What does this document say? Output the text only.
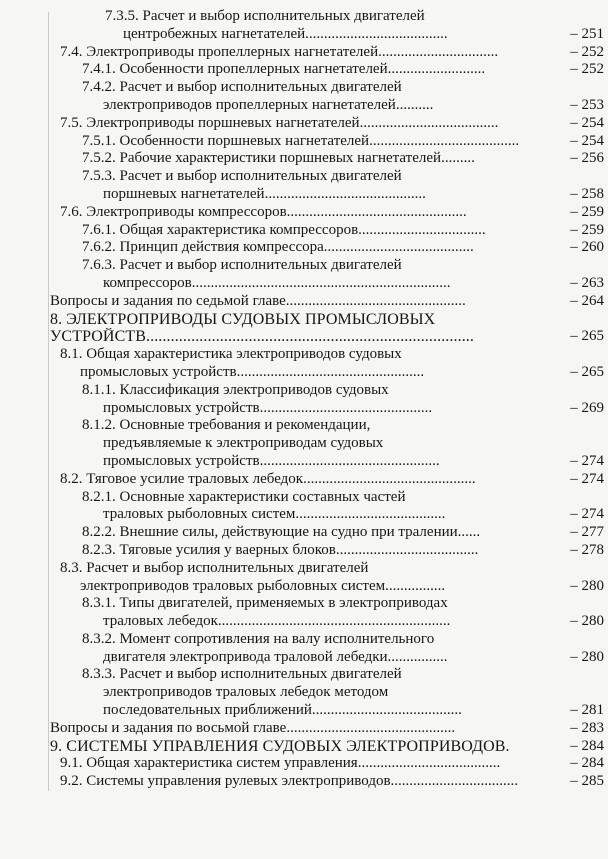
7.3.5. Расчет и выбор исполнительных двигателей
центробежных нагнетателей......................................	– 251
7.4. Электроприводы пропеллерных нагнетателей................................	– 252
7.4.1. Особенности пропеллерных нагнетателей..........................	– 252
7.4.2. Расчет и выбор исполнительных двигателей
электроприводов пропеллерных нагнетателей..........	– 253
7.5. Электроприводы поршневых нагнетателей.....................................	– 254
7.5.1. Особенности поршневых нагнетателей........................................	– 254
7.5.2. Рабочие характеристики поршневых нагнетателей.........	– 256
7.5.3. Расчет и выбор исполнительных двигателей
поршневых нагнетателей...........................................	– 258
7.6. Электроприводы компрессоров................................................	– 259
7.6.1. Общая характеристика компрессоров..................................	– 259
7.6.2. Принцип действия компрессора........................................	– 260
7.6.3. Расчет и выбор исполнительных двигателей
компрессоров.....................................................................	– 263
Вопросы и задания по седьмой главе................................................	– 264
8. ЭЛЕКТРОПРИВОДЫ СУДОВЫХ ПРОМЫСЛОВЫХ
УСТРОЙСТВ................................................................................	– 265
8.1. Общая характеристика электроприводов судовых
промысловых устройств..................................................	– 265
8.1.1. Классификация электроприводов судовых
промысловых устройств..............................................	– 269
8.1.2. Основные требования и рекомендации,
предъявляемые к электроприводам судовых
промысловых устройств................................................	– 274
8.2. Тяговое усилие траловых лебедок..............................................	– 274
8.2.1. Основные характеристики составных частей
траловых рыболовных систем........................................	– 274
8.2.2. Внешние силы, действующие на судно при тралении......	– 277
8.2.3. Тяговые усилия у ваерных блоков......................................	– 278
8.3. Расчет и выбор исполнительных двигателей
электроприводов траловых рыболовных систем................	– 280
8.3.1. Типы двигателей, применяемых в электроприводах
траловых лебедок..............................................................	– 280
8.3.2. Момент сопротивления на валу исполнительного
двигателя электропривода траловой лебедки................	– 280
8.3.3. Расчет и выбор исполнительных двигателей
электроприводов траловых лебедок методом
последовательных приближений........................................	– 281
Вопросы и задания по восьмой главе.............................................	– 283
9. СИСТЕМЫ УПРАВЛЕНИЯ СУДОВЫХ ЭЛЕКТРОПРИВОДОВ.	– 284
9.1. Общая характеристика систем управления......................................	– 284
9.2. Системы управления рулевых электроприводов..................................	– 285
